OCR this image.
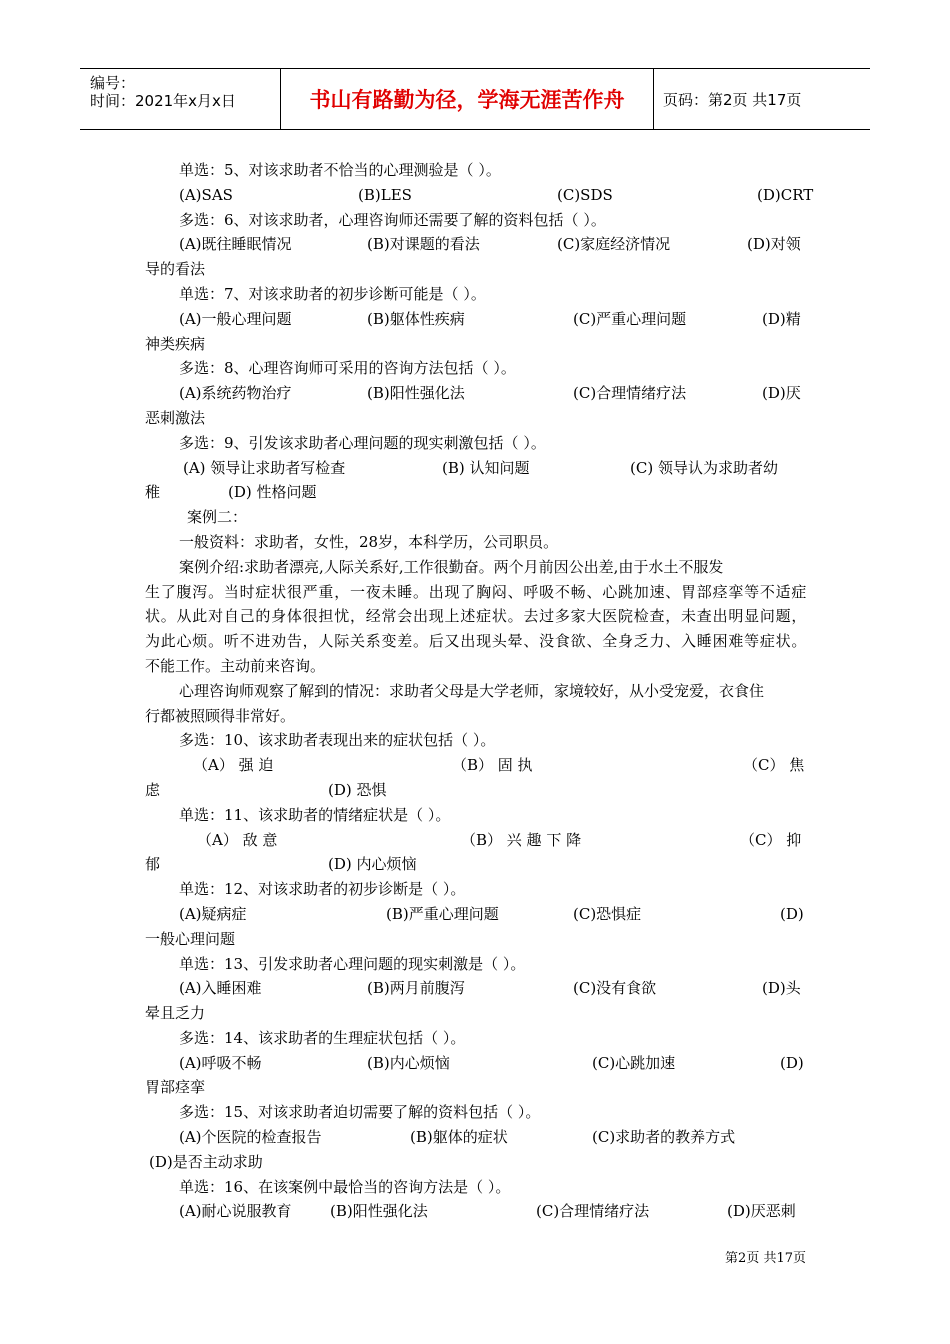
编号：
时间：2021年x月x日	书山有路勤为径，学海无涯苦作舟	页码：第2页 共17页
单选：5、对该求助者不恰当的心理测验是（ ）。
(A)SAS	(B)LES	(C)SDS	(D)CRT
多选：6、对该求助者，心理咨询师还需要了解的资料包括（ ）。
(A)既往睡眠情况	(B)对课题的看法	(C)家庭经济情况	(D)对领
导的看法
单选：7、对该求助者的初步诊断可能是（ ）。
(A)一般心理问题	(B)躯体性疾病	(C)严重心理问题	(D)精
神类疾病
多选：8、心理咨询师可采用的咨询方法包括（ ）。
(A)系统药物治疗	(B)阳性强化法	(C)合理情绪疗法	(D)厌
恶刺激法
多选：9、引发该求助者心理问题的现实刺激包括（ ）。
(A) 领导让求助者写检查	(B) 认知问题	(C) 领导认为求助者幼
稚	(D) 性格问题
案例二：
一般资料：求助者，女性，28岁，本科学历，公司职员。
案例介绍:求助者漂亮,人际关系好,工作很勤奋。两个月前因公出差,由于水土不服发
生 了 腹 泻 。 当 时 症 状 很 严 重 ， 一 夜 未 睡 。 出 现 了 胸 闷 、 呼 吸 不 畅 、 心 跳 加 速 、 胃 部 痉 挛 等 不 适 症
状 。 从 此 对 自 己 的 身 体 很 担 忧 ， 经 常 会 出 现 上 述 症 状 。 去 过 多 家 大 医 院 检 查 ， 未 查 出 明 显 问 题 ，
为 此 心 烦 。 听 不 进 劝 告 ， 人 际 关 系 变 差 。 后 又 出 现 头 晕 、 没 食 欲 、 全 身 乏 力 、 入 睡 困 难 等 症 状 。
不能工作。主动前来咨询。
心理咨询师观察了解到的情况：求助者父母是大学老师，家境较好，从小受宠爱，衣食住
行都被照顾得非常好。
多选：10、该求助者表现出来的症状包括（ ）。
（A） 强 迫	（B） 固 执	（C） 焦
虑	(D) 恐惧
单选：11、该求助者的情绪症状是（ ）。
（A） 敌 意	（B） 兴 趣 下 降	（C） 抑
郁	(D) 内心烦恼
单选：12、对该求助者的初步诊断是（ ）。
(A)疑病症	(B)严重心理问题	(C)恐惧症	(D)
一般心理问题
单选：13、引发求助者心理问题的现实刺激是（ ）。
(A)入睡困难	(B)两月前腹泻	(C)没有食欲	(D)头
晕且乏力
多选：14、该求助者的生理症状包括（ ）。
(A)呼吸不畅	(B)内心烦恼	(C)心跳加速	(D)
胃部痉挛
多选：15、对该求助者迫切需要了解的资料包括（ ）。
(A)个医院的检查报告	(B)躯体的症状	(C)求助者的教养方式
(D)是否主动求助
单选：16、在该案例中最恰当的咨询方法是（ ）。
(A)耐心说服教育	(B)阳性强化法	(C)合理情绪疗法	(D)厌恶刺
第2页 共17页
